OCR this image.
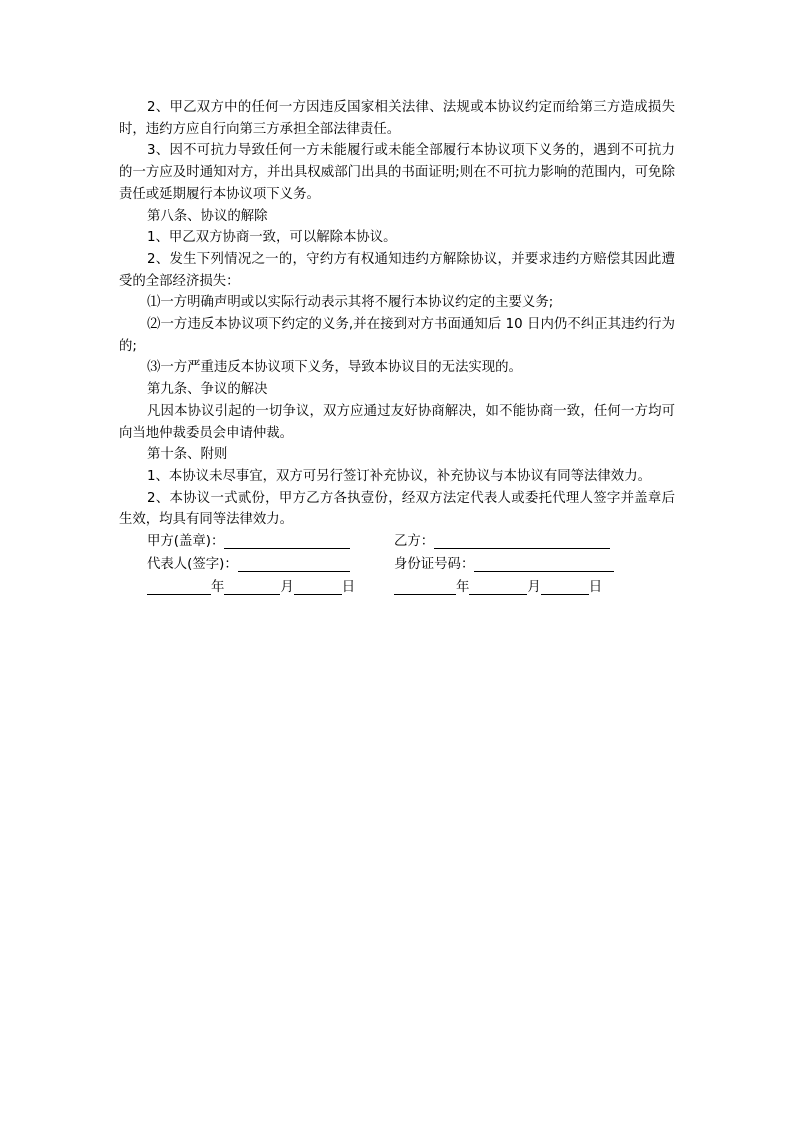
2、甲乙双方中的任何一方因违反国家相关法律、法规或本协议约定而给第三方造成损失时，违约方应自行向第三方承担全部法律责任。

3、因不可抗力导致任何一方未能履行或未能全部履行本协议项下义务的，遇到不可抗力的一方应及时通知对方，并出具权威部门出具的书面证明;则在不可抗力影响的范围内，可免除责任或延期履行本协议项下义务。

第八条、协议的解除

1、甲乙双方协商一致，可以解除本协议。

2、发生下列情况之一的，守约方有权通知违约方解除协议，并要求违约方赔偿其因此遭受的全部经济损失：

⑴一方明确声明或以实际行动表示其将不履行本协议约定的主要义务;

⑵一方违反本协议项下约定的义务,并在接到对方书面通知后 10 日内仍不纠正其违约行为的;

⑶一方严重违反本协议项下义务，导致本协议目的无法实现的。

第九条、争议的解决

凡因本协议引起的一切争议，双方应通过友好协商解决，如不能协商一致，任何一方均可向当地仲裁委员会申请仲裁。

第十条、附则

1、本协议未尽事宜，双方可另行签订补充协议，补充协议与本协议有同等法律效力。

2、本协议一式贰份，甲方乙方各执壹份，经双方法定代表人或委托代理人签字并盖章后生效，均具有同等法律效力。

甲方(盖章)：	乙方：
代表人(签字)：	身份证号码：
年	月	日	年	月	日
